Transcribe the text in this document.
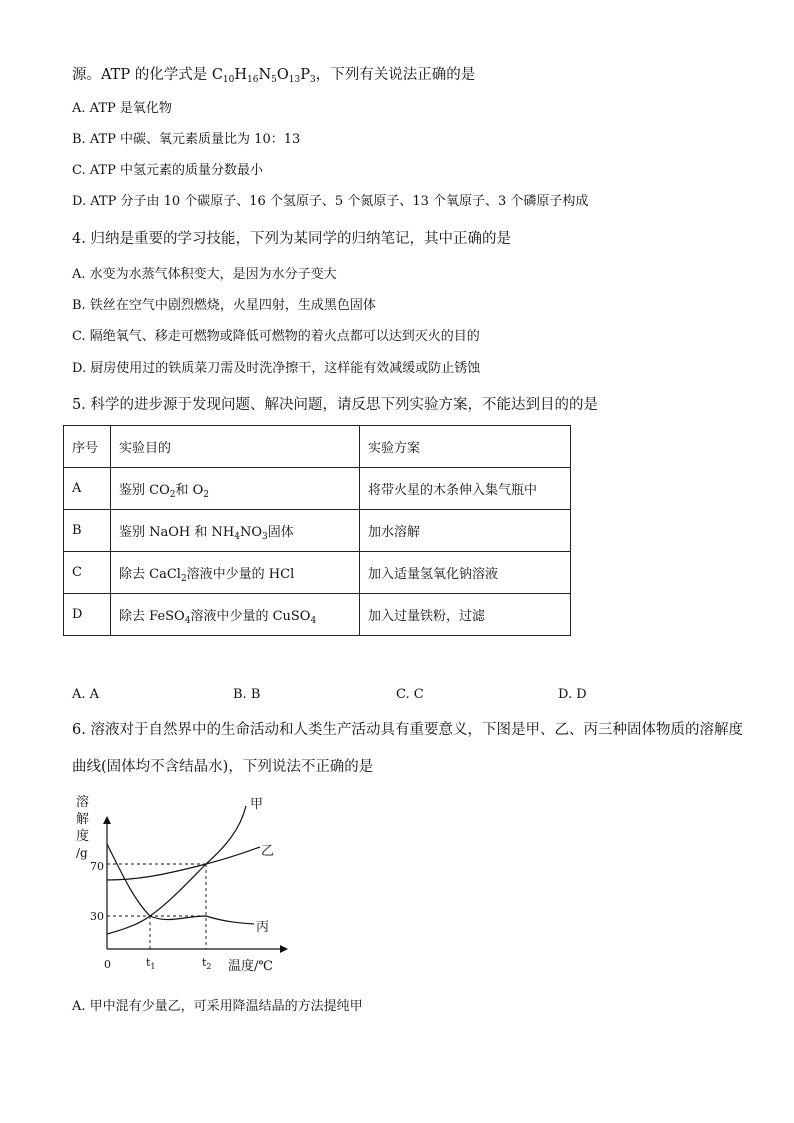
源。ATP 的化学式是 $C_{10}H_{16}N_5O_{13}P_3$，下列有关说法正确的是
A. ATP 是氧化物
B. ATP 中碳、氧元素质量比为 10：13
C. ATP 中氢元素的质量分数最小
D. ATP 分子由 10 个碳原子、16 个氢原子、5 个氮原子、13 个氧原子、3 个磷原子构成
4. 归纳是重要的学习技能，下列为某同学的归纳笔记，其中正确的是
A. 水变为水蒸气体积变大，是因为水分子变大
B. 铁丝在空气中剧烈燃烧，火星四射，生成黑色固体
C. 隔绝氧气、移走可燃物或降低可燃物的着火点都可以达到灭火的目的
D. 厨房使用过的铁质菜刀需及时洗净擦干，这样能有效减缓或防止锈蚀
5. 科学的进步源于发现问题、解决问题，请反思下列实验方案，不能达到目的的是
序号	实验目的	实验方案
A	鉴别 $CO_2$和 $O_2$	将带火星的木条伸入集气瓶中
B	鉴别 NaOH 和 $NH_4NO_3$固体	加水溶解
C	除去 CaCl$_2$溶液中少量的 HCl	加入适量氢氧化钠溶液
D	除去 FeSO$_4$溶液中少量的 CuSO$_4$	加入过量铁粉，过滤
A. A	B. B	C. C	D. D
6. 溶液对于自然界中的生命活动和人类生产活动具有重要意义，下图是甲、乙、丙三种固体物质的溶解度
曲线(固体均不含结晶水)，下列说法不正确的是
溶
解
度
/g
70
30
甲
乙
丙
0	$t_1$	$t_2$ 温度/℃
A. 甲中混有少量乙，可采用降温结晶的方法提纯甲
